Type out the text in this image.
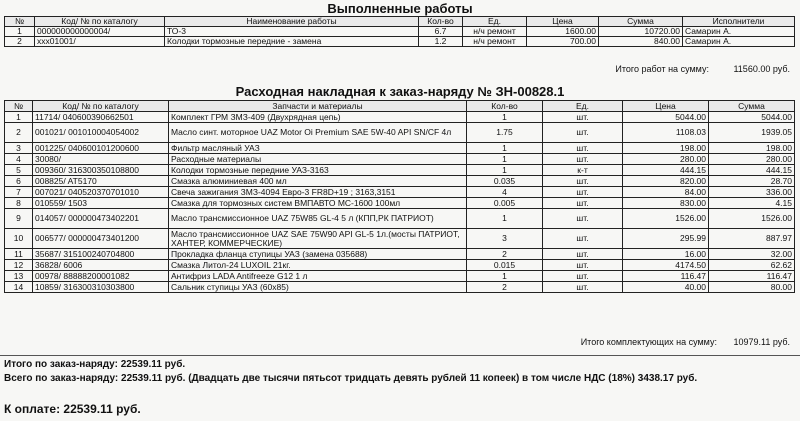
Выполненные работы
№	Код/ № по каталогу	Наименование работы	Кол-во	Ед.	Цена	Сумма	Исполнители
1	000000000000004/	ТО-3	6.7	н/ч ремонт	1600.00	10720.00	Самарин А.
2	xxx01001/	Колодки тормозные передние - замена	1.2	н/ч ремонт	700.00	840.00	Самарин А.
Итого работ на сумму:	11560.00 руб.
Расходная накладная к заказ-наряду № ЗН-00828.1
№	Код/ № по каталогу	Запчасти и материалы	Кол-во	Ед.	Цена	Сумма
1	11714/ 040600390662501	Комплект ГРМ ЗМЗ-409 (Двухрядная цепь)	1	шт.	5044.00	5044.00
2	001021/ 001010004054002	Масло синт. моторное UAZ Motor Oi Premium SAE 5W-40 API SN/CF 4л	1.75	шт.	1108.03	1939.05
3	001225/ 040600101200600	Фильтр масляный УАЗ	1	шт.	198.00	198.00
4	30080/	Расходные материалы	1	шт.	280.00	280.00
5	009360/ 316300350108800	Колодки тормозные передние УАЗ-3163	1	к-т	444.15	444.15
6	008825/ AT5170	Смазка алюминиевая 400 мл	0.035	шт.	820.00	28.70
7	007021/ 040520370701010	Свеча зажигания ЗМЗ-4094 Евро-3 FR8D+19 ; 3163,3151	4	шт.	84.00	336.00
8	010559/ 1503	Смазка для тормозных систем ВМПАВТО МС-1600 100мл	0.005	шт.	830.00	4.15
9	014057/ 000000473402201	Масло трансмиссионное UAZ 75W85 GL-4 5 л (КПП,РК ПАТРИОТ)	1	шт.	1526.00	1526.00
10	006577/ 000000473401200	Масло трансмиссионное UAZ SAE 75W90 API GL-5 1л.(мосты ПАТРИОТ, ХАНТЕР, КОММЕРЧЕСКИЕ)	3	шт.	295.99	887.97
11	35687/ 315100240704800	Прокладка фланца ступицы УАЗ (замена 035688)	2	шт.	16.00	32.00
12	36828/ 6006	Смазка Литол-24 LUXOIL 21кг.	0.015	шт.	4174.50	62.62
13	00978/ 88888200001082	Антифриз LADA Antifreeze G12 1 л	1	шт.	116.47	116.47
14	10859/ 316300310303800	Сальник ступицы УАЗ (60х85)	2	шт.	40.00	80.00
Итого комплектующих на сумму: 10979.11 руб.
Итого по заказ-наряду: 22539.11 руб.
Всего по заказ-наряду: 22539.11 руб. (Двадцать две тысячи пятьсот тридцать девять рублей 11 копеек) в том числе НДС (18%) 3438.17 руб.
К оплате: 22539.11 руб.
